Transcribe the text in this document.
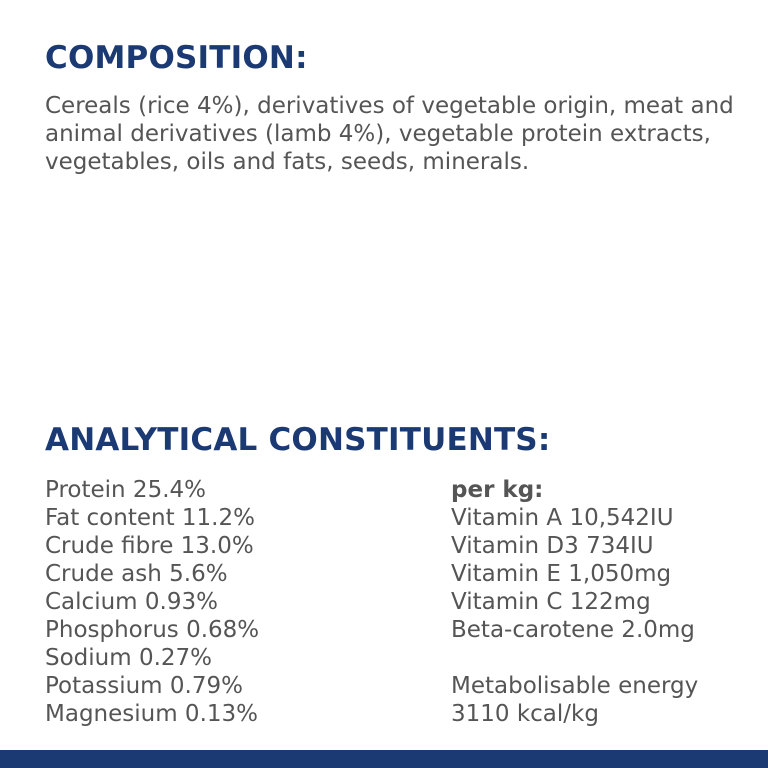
COMPOSITION:

Cereals (rice 4%), derivatives of vegetable origin, meat and animal derivatives (lamb 4%), vegetable protein extracts, vegetables, oils and fats, seeds, minerals.

ANALYTICAL CONSTITUENTS:
Protein 25.4%
Fat content 11.2%
Crude fibre 13.0%
Crude ash 5.6%
Calcium 0.93%
Phosphorus 0.68%
Sodium 0.27%
Potassium 0.79%
Magnesium 0.13%
per kg:
Vitamin A 10,542IU
Vitamin D3 734IU
Vitamin E 1,050mg
Vitamin C 122mg
Beta-carotene 2.0mg
Metabolisable energy
3110 kcal/kg
